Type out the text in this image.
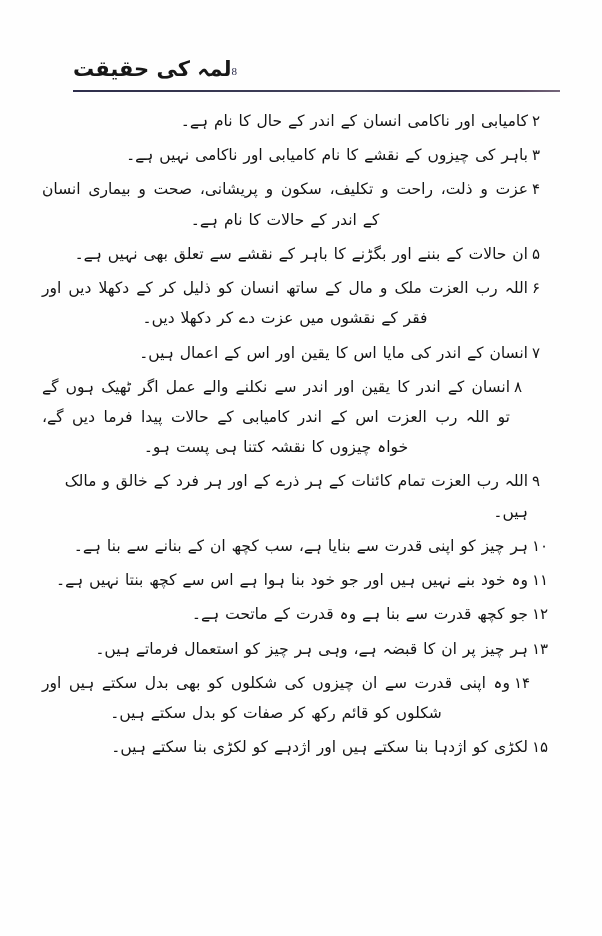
لمہ کی حقیقت 8
۲
کامیابی اور ناکامی انسان کے اندر کے حال کا نام ہے۔
۳
باہر کی چیزوں کے نقشے کا نام کامیابی اور ناکامی نہیں ہے۔
۴
عزت و ذلت، راحت و تکلیف، سکون و پریشانی، صحت و بیماری انسان کے اندر کے حالات کا نام ہے۔
۵
ان حالات کے بننے اور بگڑنے کا باہر کے نقشے سے تعلق بھی نہیں ہے۔
۶
اللہ رب العزت ملک و مال کے ساتھ انسان کو ذلیل کر کے دکھلا دیں اور فقر کے نقشوں میں عزت دے کر دکھلا دیں۔
۷
انسان کے اندر کی مایا اس کا یقین اور اس کے اعمال ہیں۔
۸
انسان کے اندر کا یقین اور اندر سے نکلنے والے عمل اگر ٹھیک ہوں گے تو اللہ رب العزت اس کے اندر کامیابی کے حالات پیدا فرما دیں گے، خواہ چیزوں کا نقشہ کتنا ہی پست ہو۔
۹
اللہ رب العزت تمام کائنات کے ہر ذرے کے اور ہر فرد کے خالق و مالک ہیں۔
۱۰
ہر چیز کو اپنی قدرت سے بنایا ہے، سب کچھ ان کے بنانے سے بنا ہے۔
۱۱
وہ خود بنے نہیں ہیں اور جو خود بنا ہوا ہے اس سے کچھ بنتا نہیں ہے۔
۱۲
جو کچھ قدرت سے بنا ہے وہ قدرت کے ماتحت ہے۔
۱۳
ہر چیز پر ان کا قبضہ ہے، وہی ہر چیز کو استعمال فرماتے ہیں۔
۱۴
وہ اپنی قدرت سے ان چیزوں کی شکلوں کو بھی بدل سکتے ہیں اور شکلوں کو قائم رکھ کر صفات کو بدل سکتے ہیں۔
۱۵
لکڑی کو اژدہا بنا سکتے ہیں اور اژدہے کو لکڑی بنا سکتے ہیں۔
